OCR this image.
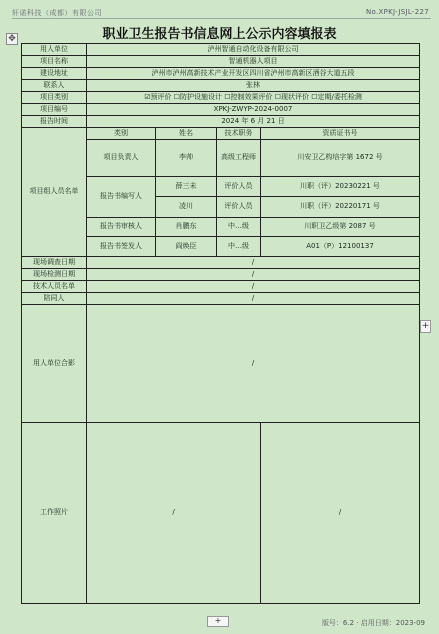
轩诺科技（成都）有限公司	No.XPKJ-JSJL-227
✥	职业卫生报告书信息网上公示内容填报表
用人单位	泸州智通自动化设备有限公司			
项目名称	智通机器人项目			
建设地址	泸州市泸州高新技术产业开发区四川省泸州市高新区酒谷大道五段			
联系人	张林			
项目类别	☑预评价 ☐防护设施设计 ☐控制效果评价 ☐现状评价 ☐定期/委托检测			
项目编号	XPKJ-ZWYP-2024-0007			
报告时间	2024 年 6 月 21 日			
项目组人员名单	类别	姓名	技术职务	资质证书号
	项目负责人	李帅	高级工程师	川安卫乙构培字第 1672 号
	报告书编写人	薛三未	评价人员	川职（评）20230221 号
		凌川	评价人员	川职（评）20220171 号
	报告书审核人	肖鹏东	中…级	川职卫乙级第 2087 号
	报告书签发人	阎焕臣	中…级	A01（P）12100137
现场调查日期	/			
现场检测日期	/			
技术人员名单	/			
陪同人	/			
用人单位合影	/			
工作照片	/			/
+
+	版号：6.2 · 启用日期：2023-09
